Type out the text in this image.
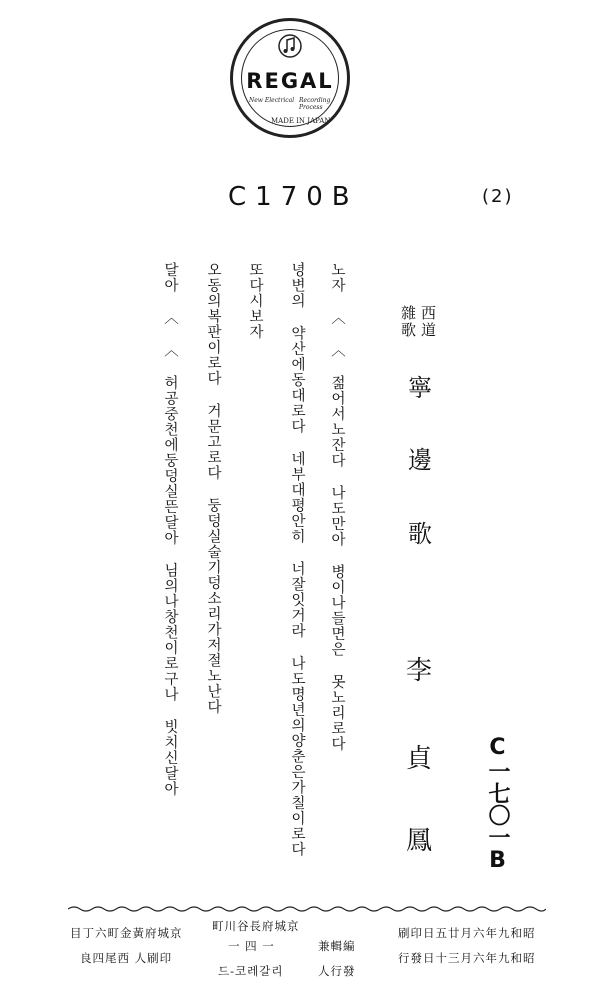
REGAL
New Electrical Recording Process
MADE IN JAPAN
C170B	(2)
西道
雜歌
寧
邊
歌
李
貞
鳳 C一七〇一B
노자 〈 〈 젊어서노잔다 나도만아 병이나들면은 못노리로다
녕변의 약산에동대로다 네부대평안히 너잘잇거라 나도명년의양춘은가칠이로다
또다시보자
오동의복판이로다 거문고로다 둥덩실술기덩소리가저절노난다
달아 〈 〈 허공중천에둥덩실뜬달아 님의나창천이로구나 빗치신달아
昭和九年六月廿五日印刷
昭和九年六月三十日發行
編輯兼
發行人
京城府長谷川町
一 四 一
리갈레코-드
京城府黃金町六丁目
印刷人 西尾四良
